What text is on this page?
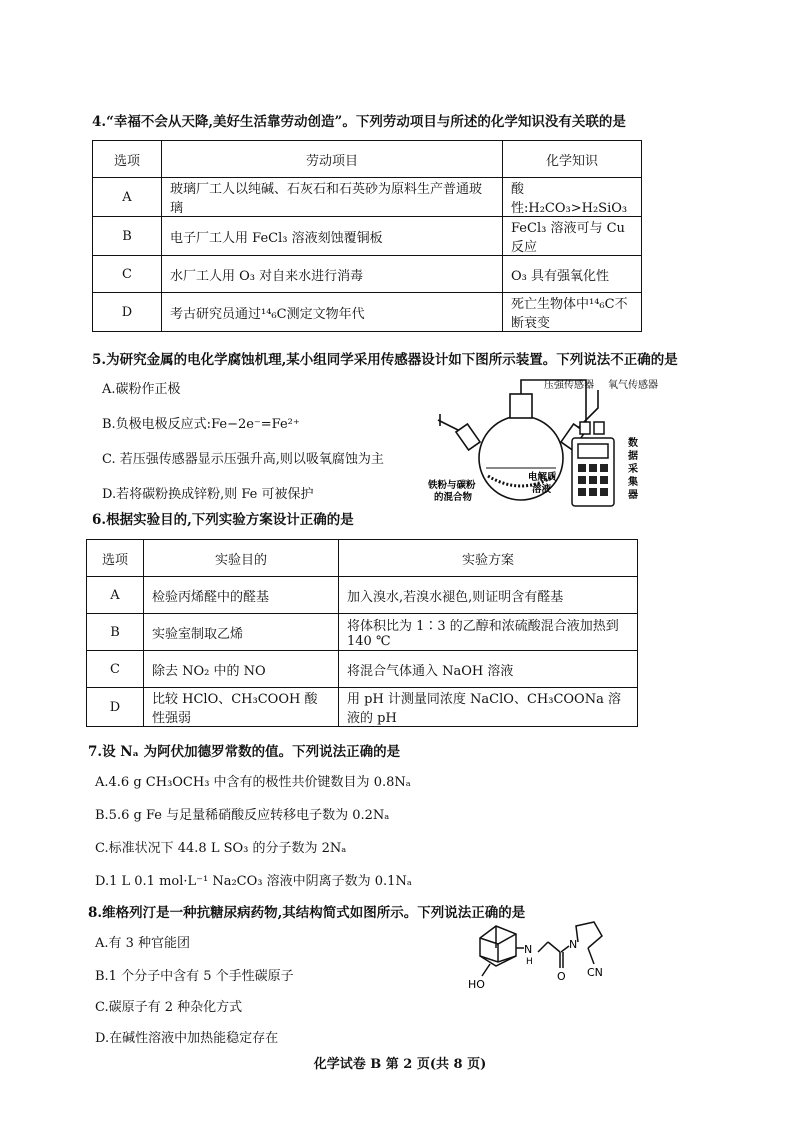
4.“幸福不会从天降,美好生活靠劳动创造”。下列劳动项目与所述的化学知识没有关联的是
选项	劳动项目	化学知识
A	玻璃厂工人以纯碱、石灰石和石英砂为原料生产普通玻璃	酸性:H₂CO₃>H₂SiO₃
B	电子厂工人用 FeCl₃ 溶液刻蚀覆铜板	FeCl₃ 溶液可与 Cu 反应
C	水厂工人用 O₃ 对自来水进行消毒	O₃ 具有强氧化性
D	考古研究员通过¹⁴₆C测定文物年代	死亡生物体中¹⁴₆C不断衰变
5.为研究金属的电化学腐蚀机理,某小组同学采用传感器设计如下图所示装置。下列说法不正确的是
A.碳粉作正极
B.负极电极反应式:Fe−2e⁻=Fe²⁺
C. 若压强传感器显示压强升高,则以吸氧腐蚀为主
D.若将碳粉换成锌粉,则 Fe 可被保护
压强传感器 氧气传感器
数
据
采
集
器
铁粉与碳粉
的混合物
电解质
溶液
6.根据实验目的,下列实验方案设计正确的是
选项	实验目的	实验方案
A	检验丙烯醛中的醛基	加入溴水,若溴水褪色,则证明含有醛基
B	实验室制取乙烯	将体积比为 1∶3 的乙醇和浓硫酸混合液加热到 140 ℃
C	除去 NO₂ 中的 NO	将混合气体通入 NaOH 溶液
D	比较 HClO、CH₃COOH 酸性强弱	用 pH 计测量同浓度 NaClO、CH₃COONa 溶液的 pH
7.设 Nₐ 为阿伏加德罗常数的值。下列说法正确的是
A.4.6 g CH₃OCH₃ 中含有的极性共价键数目为 0.8Nₐ
B.5.6 g Fe 与足量稀硝酸反应转移电子数为 0.2Nₐ
C.标准状况下 44.8 L SO₃ 的分子数为 2Nₐ
D.1 L 0.1 mol·L⁻¹ Na₂CO₃ 溶液中阴离子数为 0.1Nₐ
8.维格列汀是一种抗糖尿病药物,其结构简式如图所示。下列说法正确的是
A.有 3 种官能团
B.1 个分子中含有 5 个手性碳原子
C.碳原子有 2 种杂化方式
D.在碱性溶液中加热能稳定存在
N
H
N
O
HO
CN
化学试卷 B 第 2 页(共 8 页)
